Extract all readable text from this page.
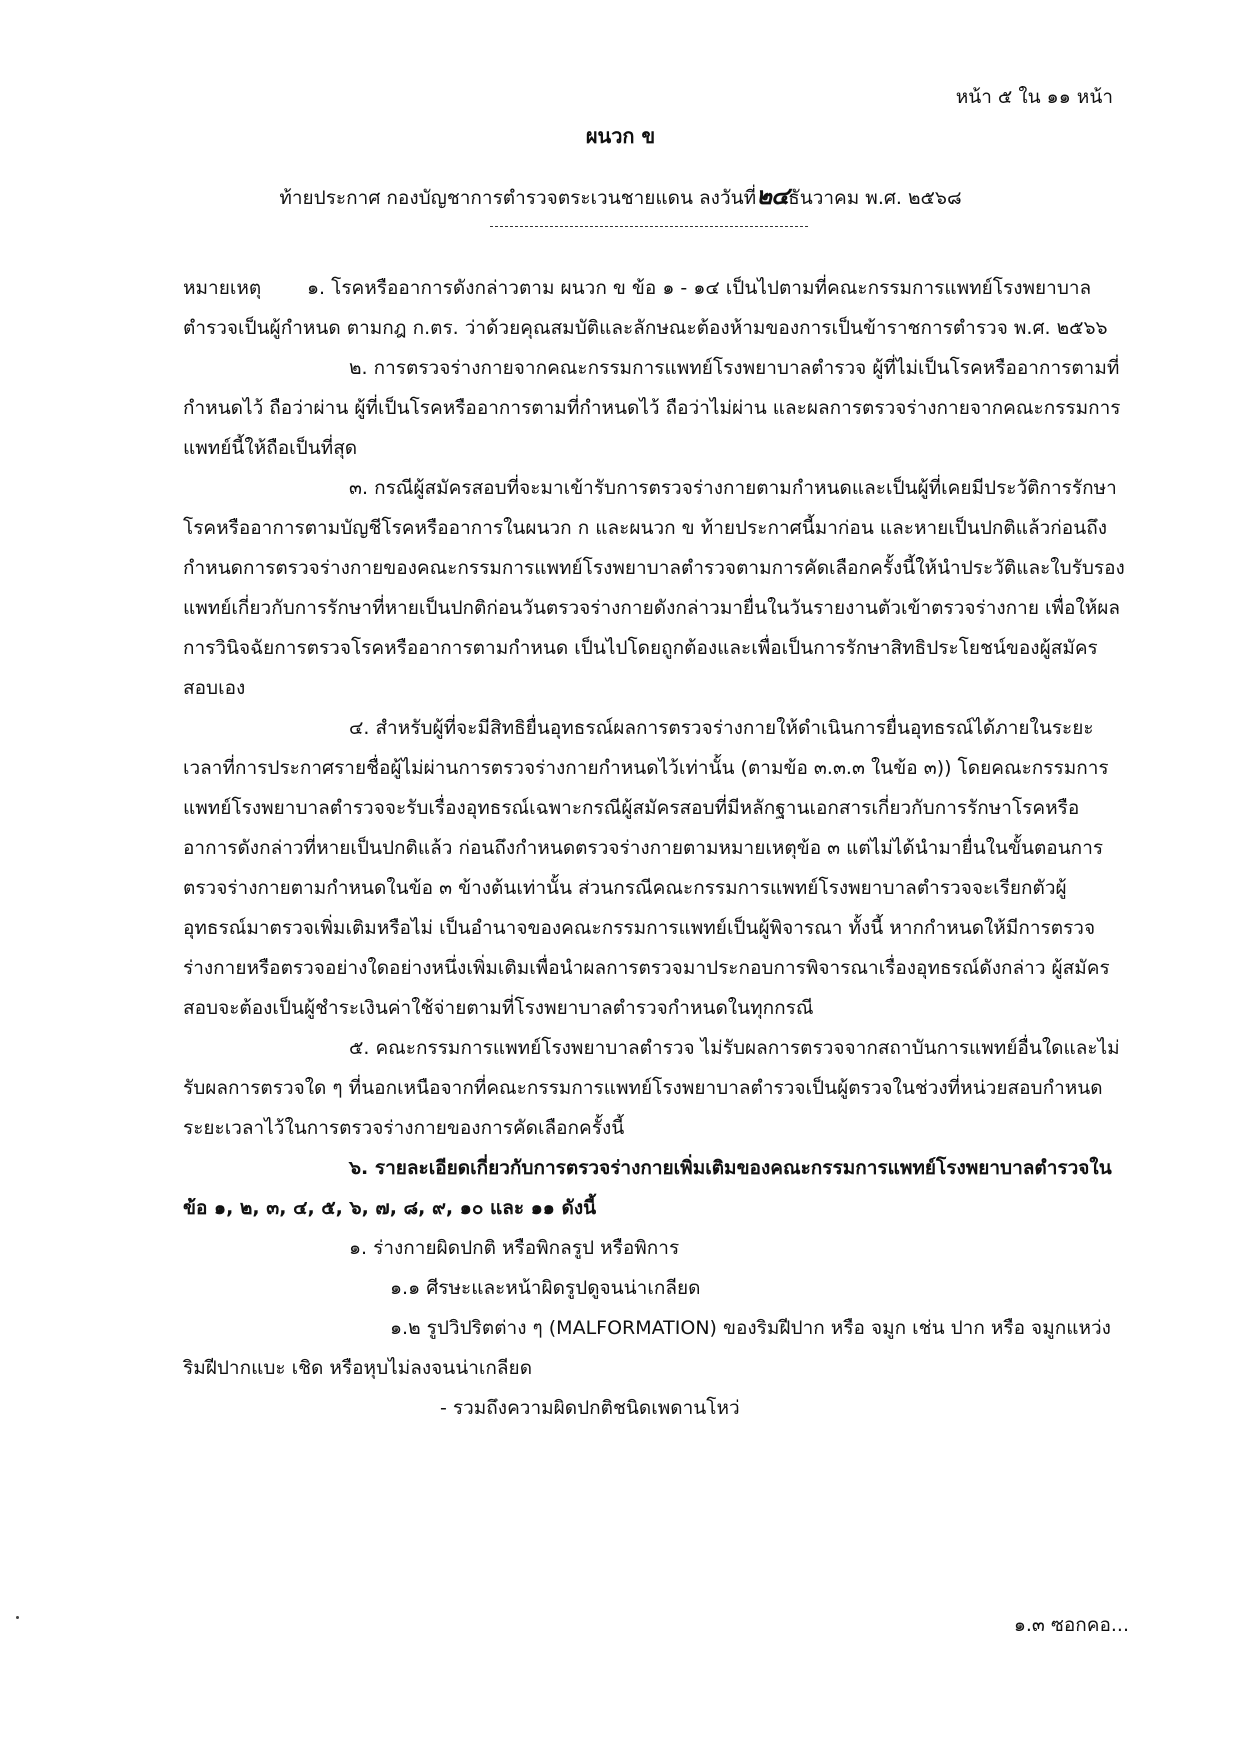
หน้า ๕ ใน ๑๑ หน้า
ผนวก ข
ท้ายประกาศ กองบัญชาการตำรวจตระเวนชายแดน ลงวันที่๒๔ธันวาคม พ.ศ. ๒๕๖๘

หมายเหตุ ๑. โรคหรืออาการดังกล่าวตาม ผนวก ข ข้อ ๑ - ๑๔ เป็นไปตามที่คณะกรรมการแพทย์โรงพยาบาลตำรวจเป็นผู้กำหนด ตามกฎ ก.ตร. ว่าด้วยคุณสมบัติและลักษณะต้องห้ามของการเป็นข้าราชการตำรวจ พ.ศ. ๒๕๖๖

๒. การตรวจร่างกายจากคณะกรรมการแพทย์โรงพยาบาลตำรวจ ผู้ที่ไม่เป็นโรคหรืออาการตามที่กำหนดไว้ ถือว่าผ่าน ผู้ที่เป็นโรคหรืออาการตามที่กำหนดไว้ ถือว่าไม่ผ่าน และผลการตรวจร่างกายจากคณะกรรมการแพทย์นี้ให้ถือเป็นที่สุด

๓. กรณีผู้สมัครสอบที่จะมาเข้ารับการตรวจร่างกายตามกำหนดและเป็นผู้ที่เคยมีประวัติการรักษาโรคหรืออาการตามบัญชีโรคหรืออาการในผนวก ก และผนวก ข ท้ายประกาศนี้มาก่อน และหายเป็นปกติแล้วก่อนถึงกำหนดการตรวจร่างกายของคณะกรรมการแพทย์โรงพยาบาลตำรวจตามการคัดเลือกครั้งนี้ให้นำประวัติและใบรับรองแพทย์เกี่ยวกับการรักษาที่หายเป็นปกติก่อนวันตรวจร่างกายดังกล่าวมายื่นในวันรายงานตัวเข้าตรวจร่างกาย เพื่อให้ผลการวินิจฉัยการตรวจโรคหรืออาการตามกำหนด เป็นไปโดยถูกต้องและเพื่อเป็นการรักษาสิทธิประโยชน์ของผู้สมัครสอบเอง

๔. สำหรับผู้ที่จะมีสิทธิยื่นอุทธรณ์ผลการตรวจร่างกายให้ดำเนินการยื่นอุทธรณ์ได้ภายในระยะเวลาที่การประกาศรายชื่อผู้ไม่ผ่านการตรวจร่างกายกำหนดไว้เท่านั้น (ตามข้อ ๓.๓.๓ ในข้อ ๓)) โดยคณะกรรมการแพทย์โรงพยาบาลตำรวจจะรับเรื่องอุทธรณ์เฉพาะกรณีผู้สมัครสอบที่มีหลักฐานเอกสารเกี่ยวกับการรักษาโรคหรืออาการดังกล่าวที่หายเป็นปกติแล้ว ก่อนถึงกำหนดตรวจร่างกายตามหมายเหตุข้อ ๓ แต่ไม่ได้นำมายื่นในขั้นตอนการตรวจร่างกายตามกำหนดในข้อ ๓ ข้างต้นเท่านั้น ส่วนกรณีคณะกรรมการแพทย์โรงพยาบาลตำรวจจะเรียกตัวผู้อุทธรณ์มาตรวจเพิ่มเติมหรือไม่ เป็นอำนาจของคณะกรรมการแพทย์เป็นผู้พิจารณา ทั้งนี้ หากกำหนดให้มีการตรวจร่างกายหรือตรวจอย่างใดอย่างหนึ่งเพิ่มเติมเพื่อนำผลการตรวจมาประกอบการพิจารณาเรื่องอุทธรณ์ดังกล่าว ผู้สมัครสอบจะต้องเป็นผู้ชำระเงินค่าใช้จ่ายตามที่โรงพยาบาลตำรวจกำหนดในทุกกรณี

๕. คณะกรรมการแพทย์โรงพยาบาลตำรวจ ไม่รับผลการตรวจจากสถาบันการแพทย์อื่นใดและไม่รับผลการตรวจใด ๆ ที่นอกเหนือจากที่คณะกรรมการแพทย์โรงพยาบาลตำรวจเป็นผู้ตรวจในช่วงที่หน่วยสอบกำหนดระยะเวลาไว้ในการตรวจร่างกายของการคัดเลือกครั้งนี้

๖. รายละเอียดเกี่ยวกับการตรวจร่างกายเพิ่มเติมของคณะกรรมการแพทย์โรงพยาบาลตำรวจในข้อ ๑, ๒, ๓, ๔, ๕, ๖, ๗, ๘, ๙, ๑๐ และ ๑๑ ดังนี้

๑. ร่างกายผิดปกติ หรือพิกลรูป หรือพิการ

๑.๑ ศีรษะและหน้าผิดรูปดูจนน่าเกลียด

๑.๒ รูปวิปริตต่าง ๆ (MALFORMATION) ของริมฝีปาก หรือ จมูก เช่น ปาก หรือ จมูกแหว่ง ริมฝีปากแบะ เชิด หรือหุบไม่ลงจนน่าเกลียด

- รวมถึงความผิดปกติชนิดเพดานโหว่

๑.๓ ซอกคอ...
